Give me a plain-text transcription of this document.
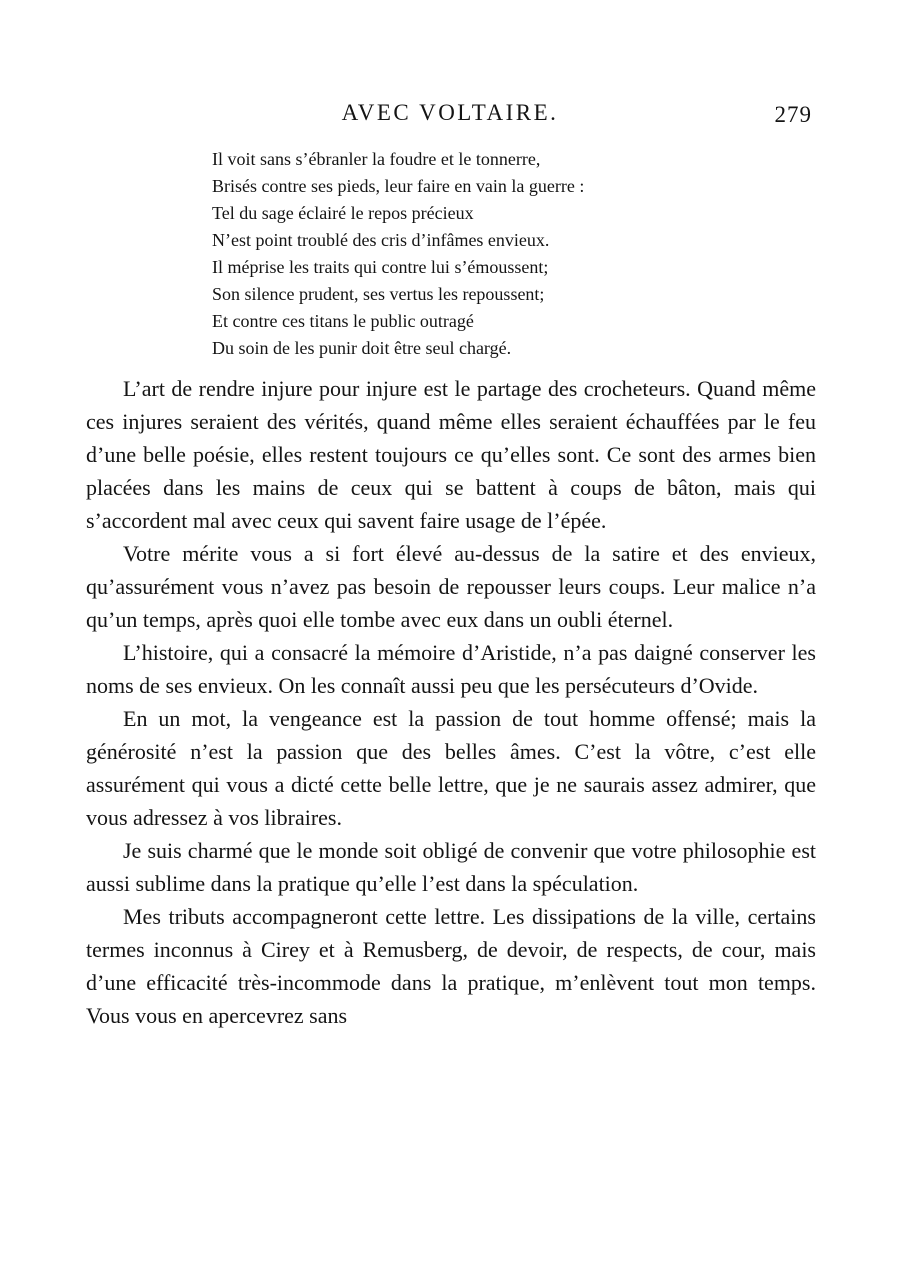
AVEC VOLTAIRE.	279
Il voit sans s’ébranler la foudre et le tonnerre,
Brisés contre ses pieds, leur faire en vain la guerre :
Tel du sage éclairé le repos précieux
N’est point troublé des cris d’infâmes envieux.
Il méprise les traits qui contre lui s’émoussent;
Son silence prudent, ses vertus les repoussent;
Et contre ces titans le public outragé
Du soin de les punir doit être seul chargé.

L’art de rendre injure pour injure est le partage des crocheteurs. Quand même ces injures seraient des vérités, quand même elles seraient échauffées par le feu d’une belle poésie, elles restent toujours ce qu’elles sont. Ce sont des armes bien placées dans les mains de ceux qui se battent à coups de bâton, mais qui s’accordent mal avec ceux qui savent faire usage de l’épée.

Votre mérite vous a si fort élevé au-dessus de la satire et des envieux, qu’assurément vous n’avez pas besoin de repousser leurs coups. Leur malice n’a qu’un temps, après quoi elle tombe avec eux dans un oubli éternel.

L’histoire, qui a consacré la mémoire d’Aristide, n’a pas daigné conserver les noms de ses envieux. On les connaît aussi peu que les persécuteurs d’Ovide.

En un mot, la vengeance est la passion de tout homme offensé; mais la générosité n’est la passion que des belles âmes. C’est la vôtre, c’est elle assurément qui vous a dicté cette belle lettre, que je ne saurais assez admirer, que vous adressez à vos libraires.

Je suis charmé que le monde soit obligé de convenir que votre philosophie est aussi sublime dans la pratique qu’elle l’est dans la spéculation.

Mes tributs accompagneront cette lettre. Les dissipations de la ville, certains termes inconnus à Cirey et à Remusberg, de devoir, de respects, de cour, mais d’une efficacité très-incommode dans la pratique, m’enlèvent tout mon temps. Vous vous en apercevrez sans
